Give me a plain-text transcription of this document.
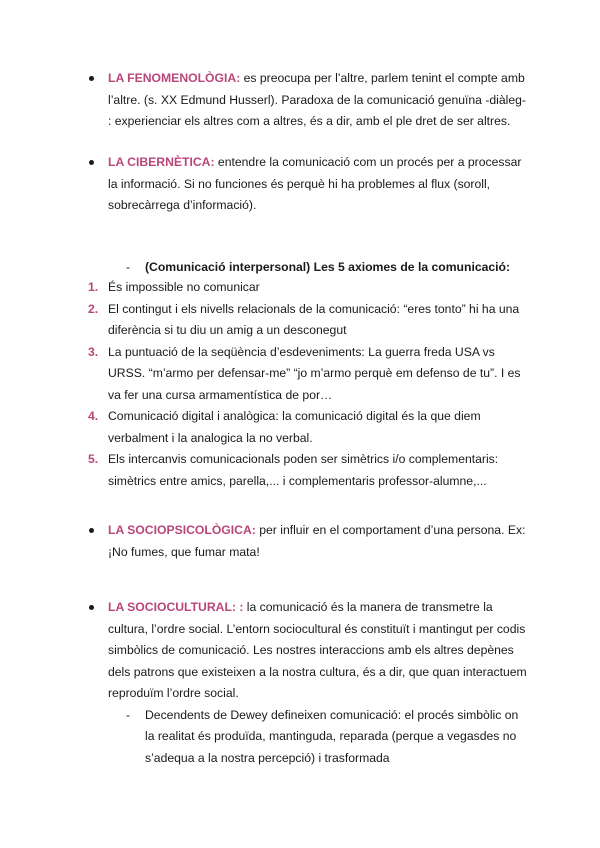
LA FENOMENOLÒGIA: es preocupa per l’altre, parlem tenint el compte amb
l’altre. (s. XX Edmund Husserl). Paradoxa de la comunicació genuïna -diàleg-
: experienciar els altres com a altres, és a dir, amb el ple dret de ser altres.
LA CIBERNÈTICA: entendre la comunicació com un procés per a processar
la informació. Si no funciones és perquè hi ha problemes al flux (soroll,
sobrecàrrega d’informació).
-	(Comunicació interpersonal) Les 5 axiomes de la comunicació:
1. És impossible no comunicar
2. El contingut i els nivells relacionals de la comunicació: “eres tonto” hi ha una
diferència si tu diu un amig a un desconegut
3. La puntuació de la seqüència d’esdeveniments: La guerra freda USA vs
URSS. “m’armo per defensar-me” “jo m’armo perquè em defenso de tu”. I es
va fer una cursa armamentística de por…
4. Comunicació digital i analògica: la comunicació digital és la que diem
verbalment i la analogica la no verbal.
5. Els intercanvis comunicacionals poden ser simètrics i/o complementaris:
simètrics entre amics, parella,... i complementaris professor-alumne,...
LA SOCIOPSICOLÒGICA: per influir en el comportament d’una persona. Ex:
¡No fumes, que fumar mata!
LA SOCIOCULTURAL: : la comunicació és la manera de transmetre la
cultura, l’ordre social. L’entorn sociocultural és constituït i mantingut per codis
simbòlics de comunicació. Les nostres interaccions amb els altres depènes
dels patrons que existeixen a la nostra cultura, és a dir, que quan interactuem
reproduïm l’ordre social.
- Decendents de Dewey defineixen comunicació: el procés simbòlic on
la realitat és produïda, mantinguda, reparada (perque a vegasdes no
s’adequa a la nostra percepció) i trasformada
